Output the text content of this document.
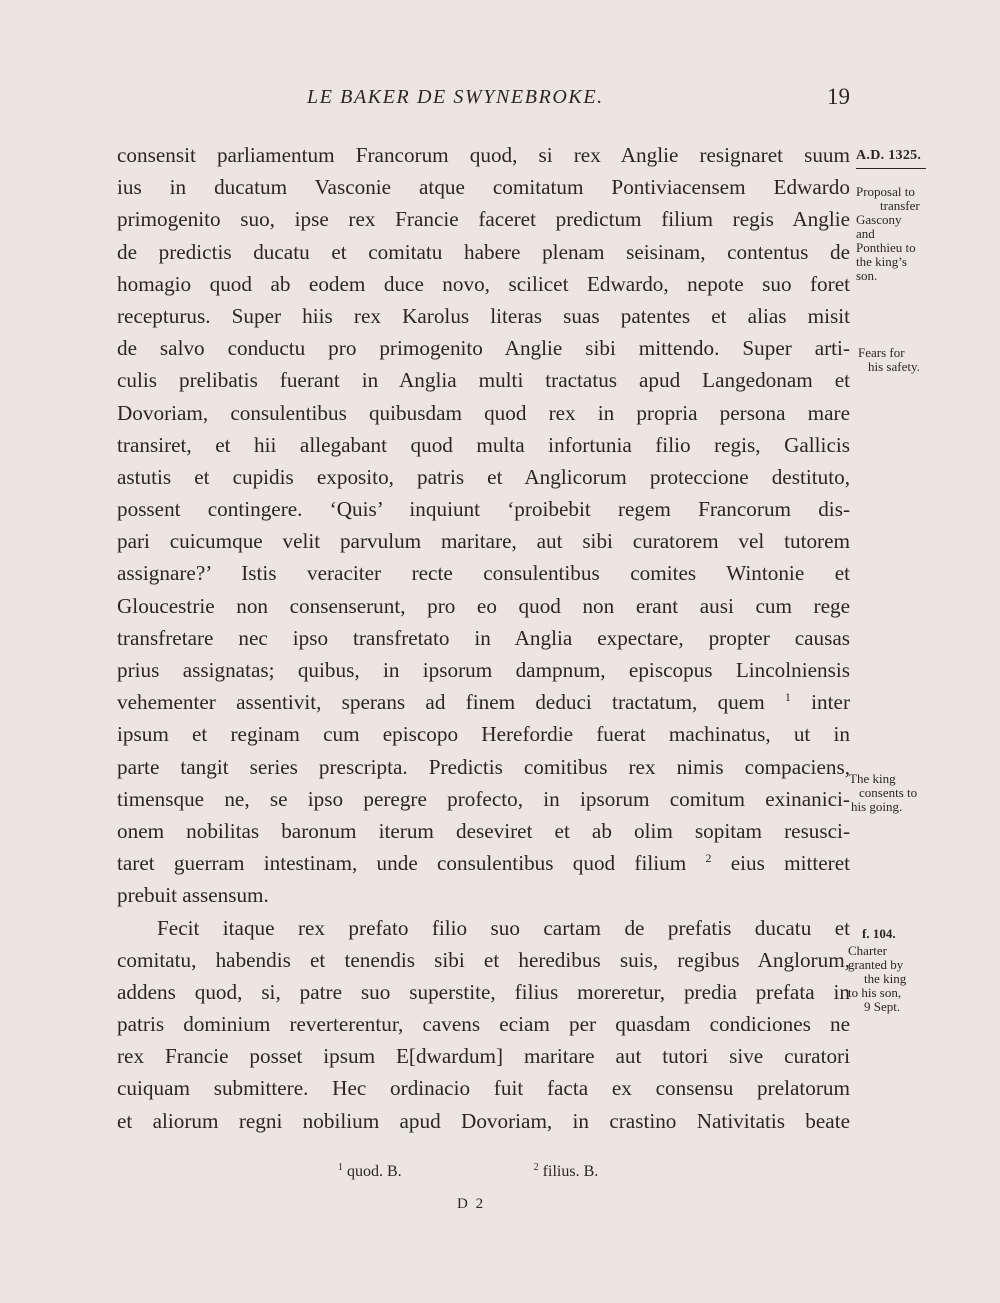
LE BAKER DE SWYNEBROKE.	19
consensit parliamentum Francorum quod, si rex Anglie resignaret suum
ius in ducatum Vasconie atque comitatum Pontiviacensem Edwardo
primogenito suo, ipse rex Francie faceret predictum filium regis Anglie
de predictis ducatu et comitatu habere plenam seisinam, contentus de
homagio quod ab eodem duce novo, scilicet Edwardo, nepote suo foret
recepturus. Super hiis rex Karolus literas suas patentes et alias misit
de salvo conductu pro primogenito Anglie sibi mittendo. Super arti-
culis prelibatis fuerant in Anglia multi tractatus apud Langedonam et
Dovoriam, consulentibus quibusdam quod rex in propria persona mare
transiret, et hii allegabant quod multa infortunia filio regis, Gallicis
astutis et cupidis exposito, patris et Anglicorum proteccione destituto,
possent contingere. ‘Quis’ inquiunt ‘proibebit regem Francorum dis-
pari cuicumque velit parvulum maritare, aut sibi curatorem vel tutorem
assignare?’ Istis veraciter recte consulentibus comites Wintonie et
Gloucestrie non consenserunt, pro eo quod non erant ausi cum rege
transfretare nec ipso transfretato in Anglia expectare, propter causas
prius assignatas; quibus, in ipsorum dampnum, episcopus Lincolniensis
vehementer assentivit, sperans ad finem deduci tractatum, quem $^1$ inter
ipsum et reginam cum episcopo Herefordie fuerat machinatus, ut in
parte tangit series prescripta. Predictis comitibus rex nimis compaciens,
timensque ne, se ipso peregre profecto, in ipsorum comitum exinanici-
onem nobilitas baronum iterum deseviret et ab olim sopitam resusci-
taret guerram intestinam, unde consulentibus quod filium $^2$ eius mitteret
prebuit assensum.
Fecit itaque rex prefato filio suo cartam de prefatis ducatu et
comitatu, habendis et tenendis sibi et heredibus suis, regibus Anglorum,
addens quod, si, patre suo superstite, filius moreretur, predia prefata in
patris dominium reverterentur, cavens eciam per quasdam condiciones ne
rex Francie posset ipsum E[dwardum] maritare aut tutori sive curatori
cuiquam submittere. Hec ordinacio fuit facta ex consensu prelatorum
et aliorum regni nobilium apud Dovoriam, in crastino Nativitatis beate
A.D. 1325.
Proposal to
transfer
Gascony
and
Ponthieu to
the king’s
son.
Fears for
his safety.
The king
consents to
his going.
f. 104.
Charter
granted by
the king
to his son,
9 Sept.
$^1$ quod. B.	$^2$ filius. B.
D 2
